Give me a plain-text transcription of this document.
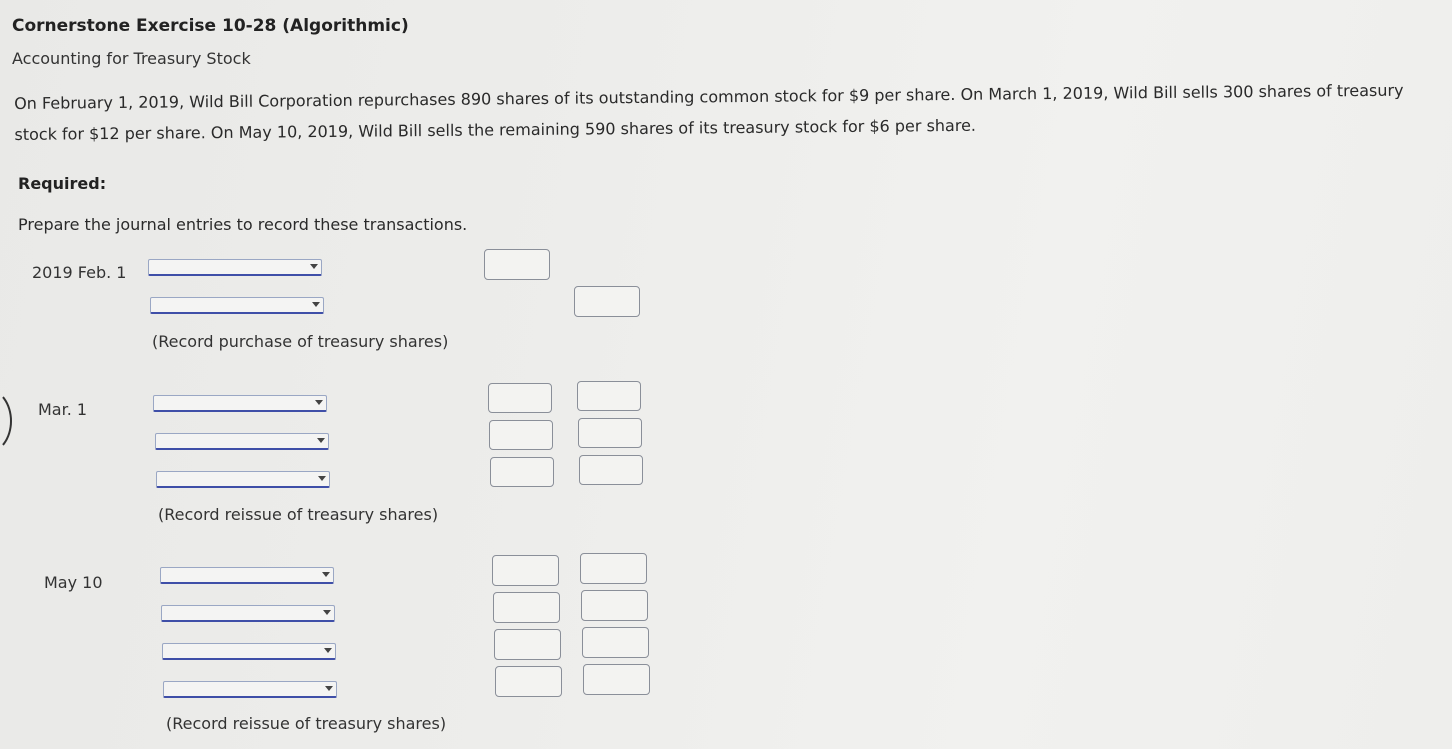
Cornerstone Exercise 10-28 (Algorithmic)
Accounting for Treasury Stock
On February 1, 2019, Wild Bill Corporation repurchases 890 shares of its outstanding common stock for $9 per share. On March 1, 2019, Wild Bill sells 300 shares of treasury stock for $12 per share. On May 10, 2019, Wild Bill sells the remaining 590 shares of its treasury stock for $6 per share.
Required:
Prepare the journal entries to record these transactions.
2019 Feb. 1
(Record purchase of treasury shares)
Mar. 1
(Record reissue of treasury shares)
May 10
(Record reissue of treasury shares)
